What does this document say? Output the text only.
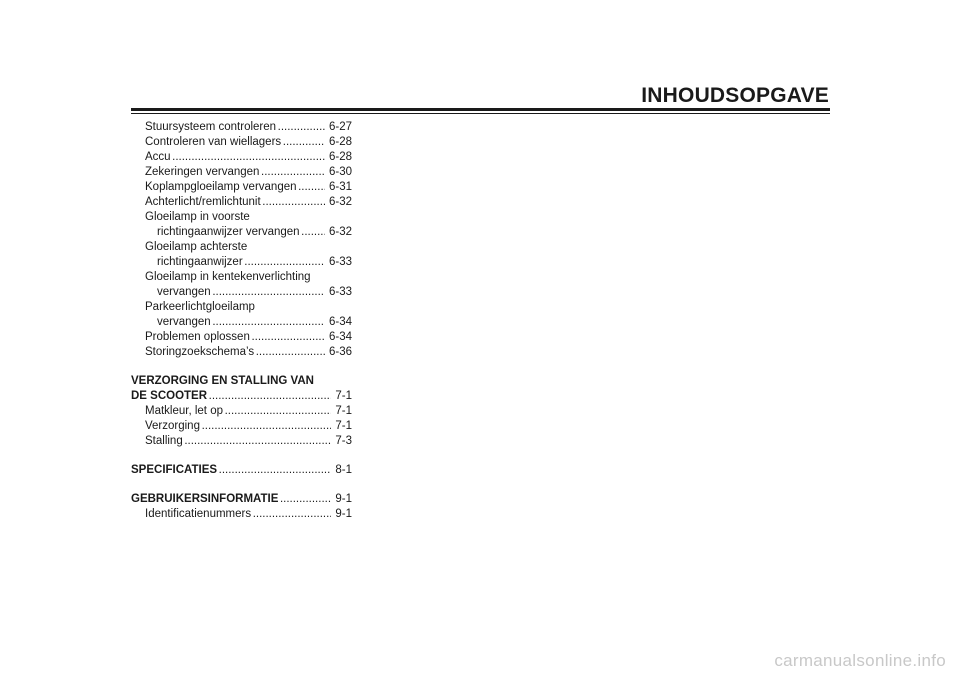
INHOUDSOPGAVE
Stuursysteem controleren . . .	6-27
Controleren van wiellagers . . .	6-28
Accu . . .	6-28
Zekeringen vervangen . . .	6-30
Koplampgloeilamp vervangen . . .	6-31
Achterlicht/remlichtunit . . .	6-32
Gloeilamp in voorste
richtingaanwijzer vervangen . . .	6-32
Gloeilamp achterste
richtingaanwijzer . . .	6-33
Gloeilamp in kentekenverlichting
vervangen . . .	6-33
Parkeerlichtgloeilamp
vervangen . . .	6-34
Problemen oplossen . . .	6-34
Storingzoekschema’s . . .	6-36
VERZORGING EN STALLING VAN
DE SCOOTER . . .	7-1
Matkleur, let op . . .	7-1
Verzorging . . .	7-1
Stalling . . .	7-3
SPECIFICATIES . . .	8-1
GEBRUIKERSINFORMATIE . . .	9-1
Identificatienummers . . .	9-1
carmanualsonline.info
